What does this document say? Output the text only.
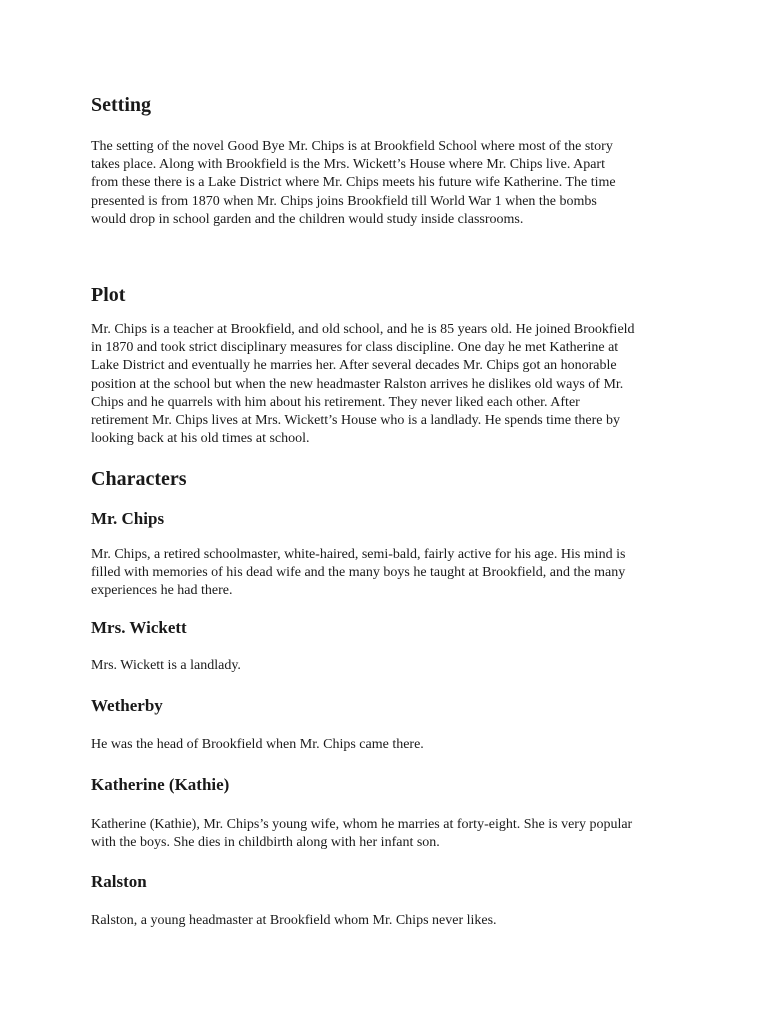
Setting

The setting of the novel Good Bye Mr. Chips is at Brookfield School where most of the story
takes place. Along with Brookfield is the Mrs. Wickett’s House where Mr. Chips live. Apart
from these there is a Lake District where Mr. Chips meets his future wife Katherine. The time
presented is from 1870 when Mr. Chips joins Brookfield till World War 1 when the bombs
would drop in school garden and the children would study inside classrooms.

Plot

Mr. Chips is a teacher at Brookfield, and old school, and he is 85 years old. He joined Brookfield
in 1870 and took strict disciplinary measures for class discipline. One day he met Katherine at
Lake District and eventually he marries her. After several decades Mr. Chips got an honorable
position at the school but when the new headmaster Ralston arrives he dislikes old ways of Mr.
Chips and he quarrels with him about his retirement. They never liked each other. After
retirement Mr. Chips lives at Mrs. Wickett’s House who is a landlady. He spends time there by
looking back at his old times at school.

Characters
Mr. Chips

Mr. Chips, a retired schoolmaster, white-haired, semi-bald, fairly active for his age. His mind is
filled with memories of his dead wife and the many boys he taught at Brookfield, and the many
experiences he had there.

Mrs. Wickett

Mrs. Wickett is a landlady.

Wetherby

He was the head of Brookfield when Mr. Chips came there.

Katherine (Kathie)

Katherine (Kathie), Mr. Chips’s young wife, whom he marries at forty-eight. She is very popular
with the boys. She dies in childbirth along with her infant son.

Ralston

Ralston, a young headmaster at Brookfield whom Mr. Chips never likes.
